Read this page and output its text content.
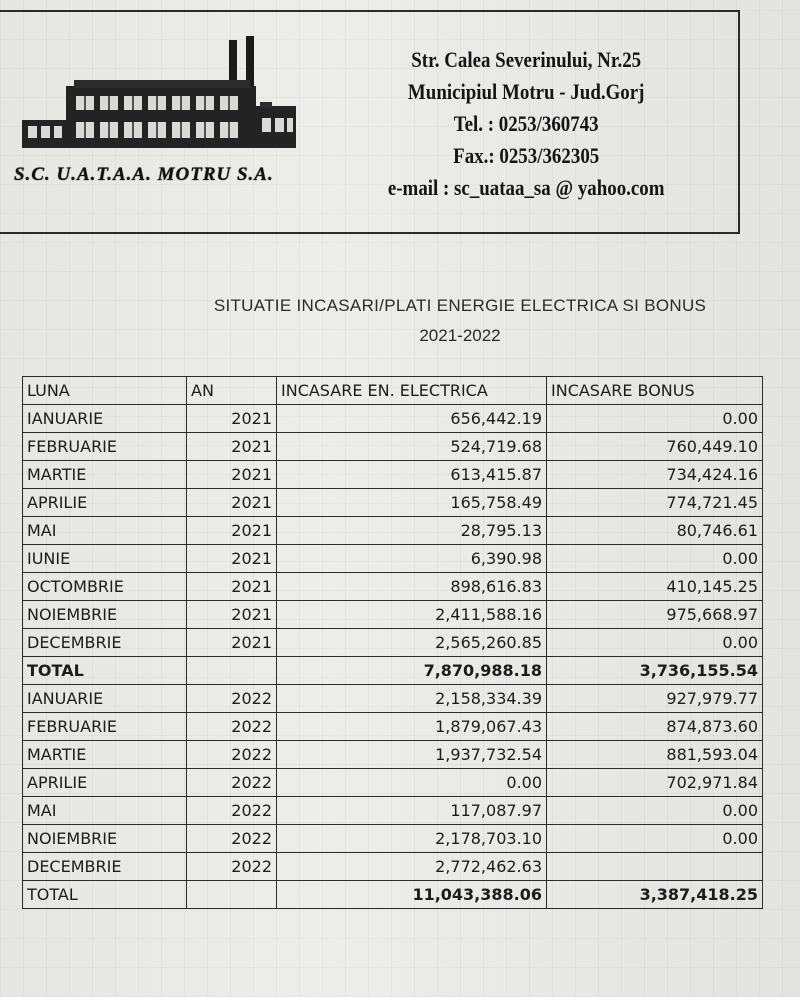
S.C. U.A.T.A.A. MOTRU S.A.
Str. Calea Severinului, Nr.25
Municipiul Motru - Jud.Gorj
Tel. : 0253/360743
Fax.: 0253/362305
e-mail : sc_uataa_sa @ yahoo.com
SITUATIE INCASARI/PLATI ENERGIE ELECTRICA SI BONUS
2021-2022
LUNA	AN	INCASARE EN. ELECTRICA	INCASARE BONUS
IANUARIE	2021	656,442.19	0.00
FEBRUARIE	2021	524,719.68	760,449.10
MARTIE	2021	613,415.87	734,424.16
APRILIE	2021	165,758.49	774,721.45
MAI	2021	28,795.13	80,746.61
IUNIE	2021	6,390.98	0.00
OCTOMBRIE	2021	898,616.83	410,145.25
NOIEMBRIE	2021	2,411,588.16	975,668.97
DECEMBRIE	2021	2,565,260.85	0.00
TOTAL		7,870,988.18	3,736,155.54
IANUARIE	2022	2,158,334.39	927,979.77
FEBRUARIE	2022	1,879,067.43	874,873.60
MARTIE	2022	1,937,732.54	881,593.04
APRILIE	2022	0.00	702,971.84
MAI	2022	117,087.97	0.00
NOIEMBRIE	2022	2,178,703.10	0.00
DECEMBRIE	2022	2,772,462.63	
TOTAL		11,043,388.06	3,387,418.25
